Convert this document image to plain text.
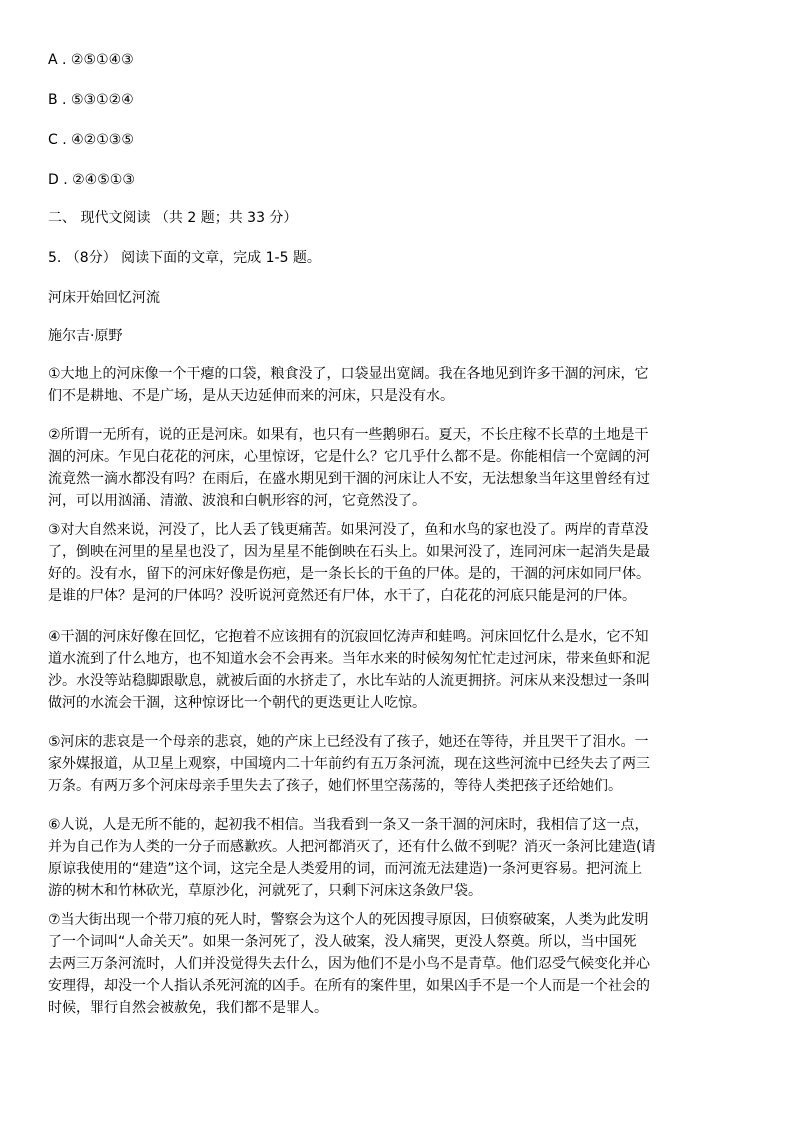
A . ②⑤①④③
B . ⑤③①②④
C . ④②①③⑤
D . ②④⑤①③
二、 现代文阅读 （共 2 题；共 33 分）
5. （8分） 阅读下面的文章，完成 1-5 题。
河床开始回忆河流
施尔吉·原野
①大地上的河床像一个干瘪的口袋，粮食没了，口袋显出宽阔。我在各地见到许多干涸的河床，它
们不是耕地、不是广场，是从天边延伸而来的河床，只是没有水。
②所谓一无所有，说的正是河床。如果有，也只有一些鹅卵石。夏天，不长庄稼不长草的土地是干
涸的河床。乍见白花花的河床，心里惊讶，它是什么？它几乎什么都不是。你能相信一个宽阔的河
流竟然一滴水都没有吗？在雨后，在盛水期见到干涸的河床让人不安，无法想象当年这里曾经有过
河，可以用汹涌、清澈、波浪和白帆形容的河，它竟然没了。
③对大自然来说，河没了，比人丢了钱更痛苦。如果河没了，鱼和水鸟的家也没了。两岸的青草没
了，倒映在河里的星星也没了，因为星星不能倒映在石头上。如果河没了，连同河床一起消失是最
好的。没有水，留下的河床好像是伤疤，是一条长长的干鱼的尸体。是的，干涸的河床如同尸体。
是谁的尸体？是河的尸体吗？没听说河竟然还有尸体，水干了，白花花的河底只能是河的尸体。
④干涸的河床好像在回忆，它抱着不应该拥有的沉寂回忆涛声和蛙鸣。河床回忆什么是水，它不知
道水流到了什么地方，也不知道水会不会再来。当年水来的时候匆匆忙忙走过河床，带来鱼虾和泥
沙。水没等站稳脚跟歇息，就被后面的水挤走了，水比车站的人流更拥挤。河床从来没想过一条叫
做河的水流会干涸，这种惊讶比一个朝代的更迭更让人吃惊。
⑤河床的悲哀是一个母亲的悲哀，她的产床上已经没有了孩子，她还在等待，并且哭干了泪水。一
家外媒报道，从卫星上观察，中国境内二十年前约有五万条河流，现在这些河流中已经失去了两三
万条。有两万多个河床母亲手里失去了孩子，她们怀里空荡荡的，等待人类把孩子还给她们。
⑥人说，人是无所不能的，起初我不相信。当我看到一条又一条干涸的河床时，我相信了这一点，
并为自己作为人类的一分子而感歉疚。人把河都消灭了，还有什么做不到呢？消灭一条河比建造(请
原谅我使用的“建造”这个词，这完全是人类爱用的词，而河流无法建造)一条河更容易。把河流上
游的树木和竹林砍光，草原沙化，河就死了，只剩下河床这条敛尸袋。
⑦当大街出现一个带刀痕的死人时，警察会为这个人的死因搜寻原因，曰侦察破案，人类为此发明
了一个词叫“人命关天”。如果一条河死了，没人破案，没人痛哭，更没人祭奠。所以，当中国死
去两三万条河流时，人们并没觉得失去什么，因为他们不是小鸟不是青草。他们忍受气候变化并心
安理得，却没一个人指认杀死河流的凶手。在所有的案件里，如果凶手不是一个人而是一个社会的
时候，罪行自然会被赦免，我们都不是罪人。
